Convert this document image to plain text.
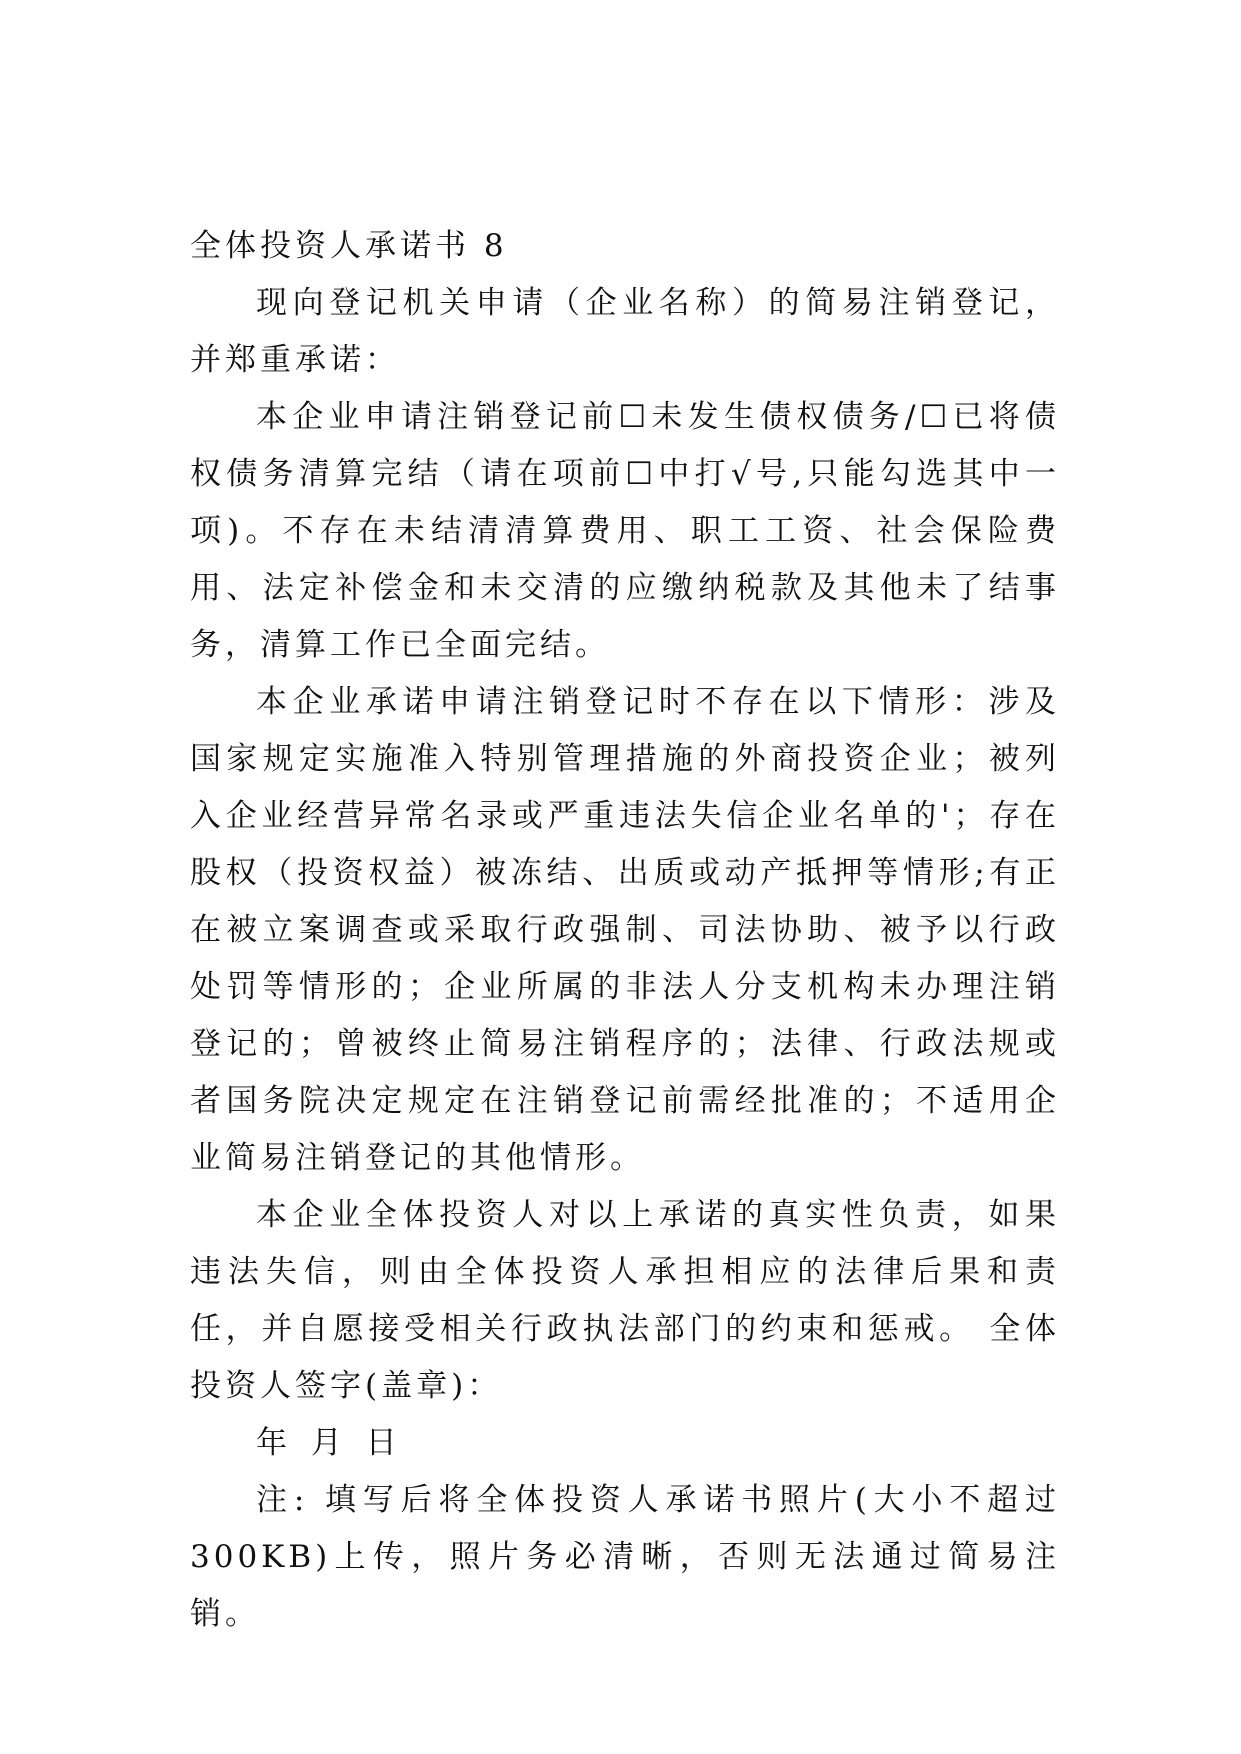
全体投资人承诺书 8

现向登记机关申请（企业名称）的简易注销登记，并郑重承诺：

本企业申请注销登记前☐未发生债权债务/☐已将债权债务清算完结（请在项前☐中打√号,只能勾选其中一项)。不存在未结清清算费用、职工工资、社会保险费用、法定补偿金和未交清的应缴纳税款及其他未了结事务，清算工作已全面完结。

本企业承诺申请注销登记时不存在以下情形：涉及国家规定实施准入特别管理措施的外商投资企业；被列入企业经营异常名录或严重违法失信企业名单的'；存在股权（投资权益）被冻结、出质或动产抵押等情形;有正在被立案调查或采取行政强制、司法协助、被予以行政处罚等情形的；企业所属的非法人分支机构未办理注销登记的；曾被终止简易注销程序的；法律、行政法规或者国务院决定规定在注销登记前需经批准的；不适用企业简易注销登记的其他情形。

本企业全体投资人对以上承诺的真实性负责，如果违法失信，则由全体投资人承担相应的法律后果和责任，并自愿接受相关行政执法部门的约束和惩戒。 全体投资人签字(盖章)：

年 月 日

注: 填写后将全体投资人承诺书照片(大小不超过300KB)上传，照片务必清晰，否则无法通过简易注销。
